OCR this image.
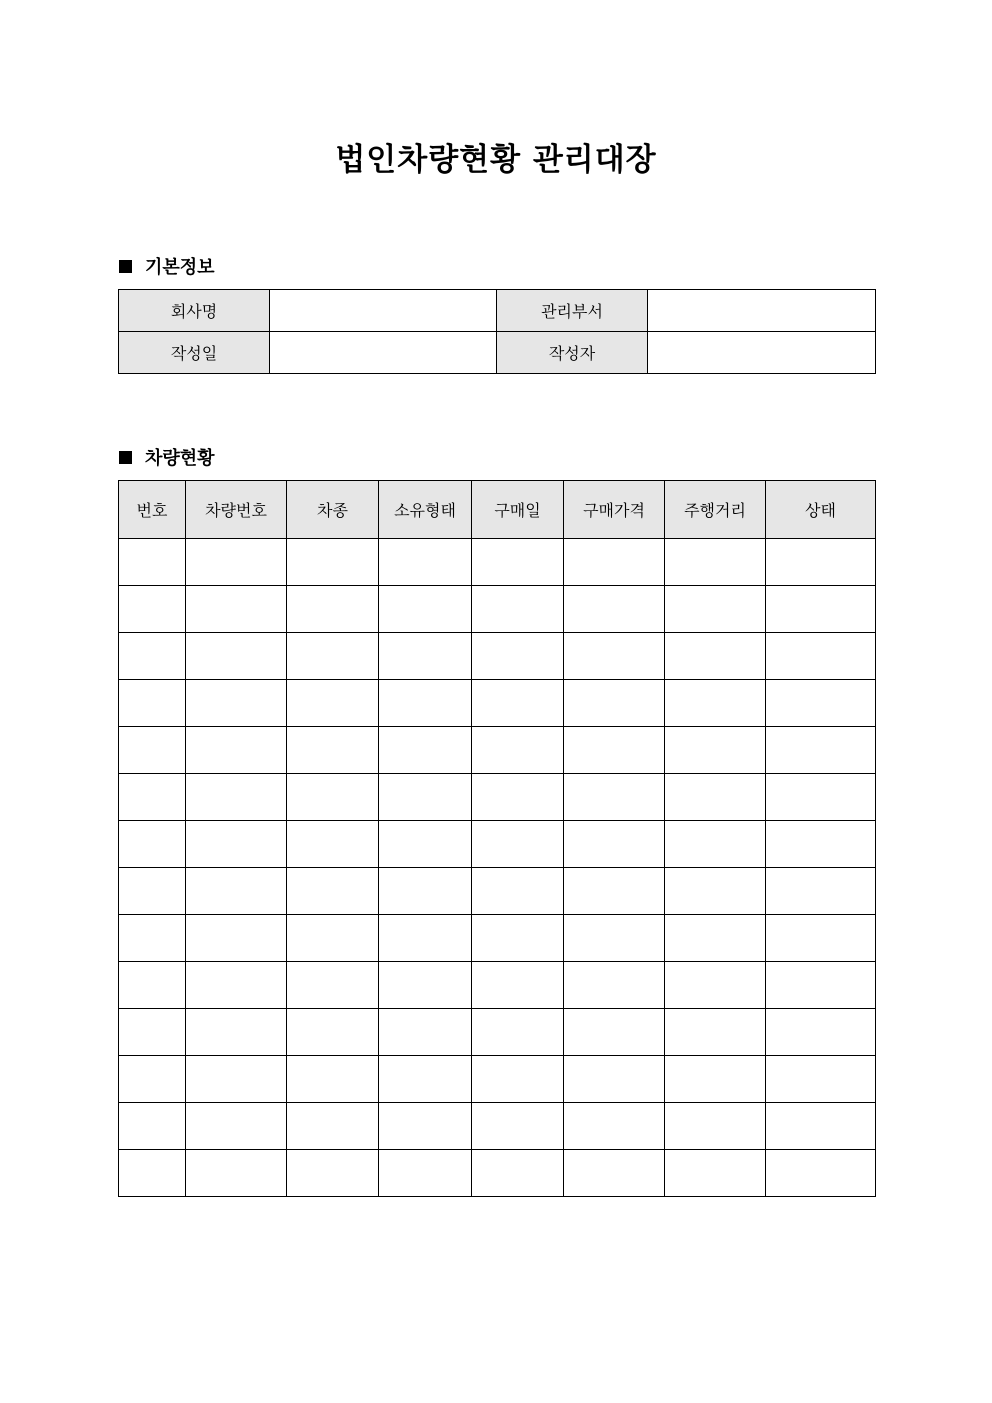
법인차량현황 관리대장
기본정보
회사명		관리부서	
작성일		작성자	
차량현황
번호	차량번호	차종	소유형태	구매일	구매가격	주행거리	상태
